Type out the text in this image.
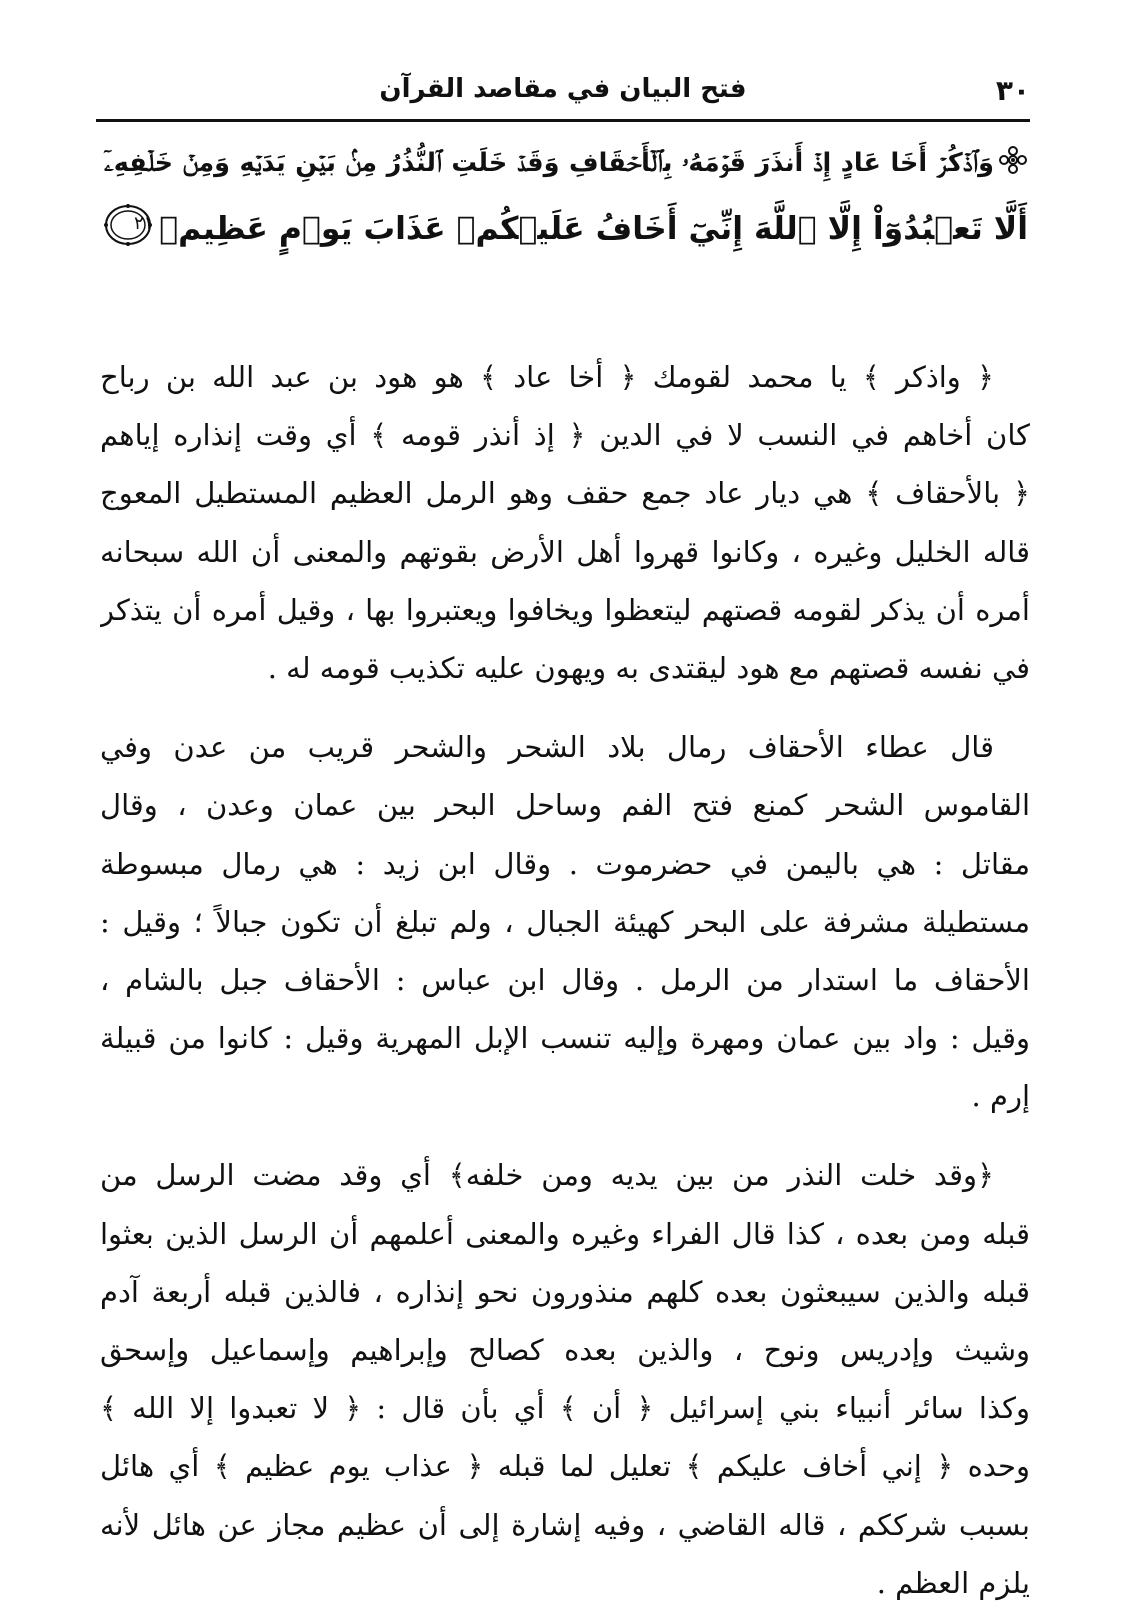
٣٠
فتح البيان في مقاصد القرآن
وَٱذۡكُرۡ أَخَا عَادٍ إِذۡ أَنذَرَ قَوۡمَهُۥ بِٱلۡأَحۡقَافِ وَقَدۡ خَلَتِ ٱلنُّذُرُ مِنۢ بَيۡنِ يَدَيۡهِ وَمِنۡ خَلۡفِهِۦٓ
أَلَّا تَعۡبُدُوٓاْ إِلَّا ٱللَّهَ إِنِّيٓ أَخَافُ عَلَيۡكُمۡ عَذَابَ يَوۡمٍ عَظِيمٖ
٢١
﴿ واذكر ﴾ يا محمد لقومك ﴿ أخا عاد ﴾ هو هود بن عبد الله بن رباح
كان أخاهم في النسب لا في الدين ﴿ إذ أنذر قومه ﴾ أي وقت إنذاره إياهم
﴿ بالأحقاف ﴾ هي ديار عاد جمع حقف وهو الرمل العظيم المستطيل المعوج
قاله الخليل وغيره ، وكانوا قهروا أهل الأرض بقوتهم والمعنى أن الله سبحانه
أمره أن يذكر لقومه قصتهم ليتعظوا ويخافوا ويعتبروا بها ، وقيل أمره أن يتذكر
في نفسه قصتهم مع هود ليقتدى به ويهون عليه تكذيب قومه له .
قال عطاء الأحقاف رمال بلاد الشحر والشحر قريب من عدن وفي
القاموس الشحر كمنع فتح الفم وساحل البحر بين عمان وعدن ، وقال
مقاتل : هي باليمن في حضرموت . وقال ابن زيد : هي رمال مبسوطة
مستطيلة مشرفة على البحر كهيئة الجبال ، ولم تبلغ أن تكون جبالاً ؛ وقيل :
الأحقاف ما استدار من الرمل . وقال ابن عباس : الأحقاف جبل بالشام ،
وقيل : واد بين عمان ومهرة وإليه تنسب الإبل المهرية وقيل : كانوا من قبيلة
إرم .
﴿وقد خلت النذر من بين يديه ومن خلفه﴾ أي وقد مضت الرسل من
قبله ومن بعده ، كذا قال الفراء وغيره والمعنى أعلمهم أن الرسل الذين بعثوا
قبله والذين سيبعثون بعده كلهم منذورون نحو إنذاره ، فالذين قبله أربعة آدم
وشيث وإدريس ونوح ، والذين بعده كصالح وإبراهيم وإسماعيل وإسحق
وكذا سائر أنبياء بني إسرائيل ﴿ أن ﴾ أي بأن قال : ﴿ لا تعبدوا إلا الله ﴾
وحده ﴿ إني أخاف عليكم ﴾ تعليل لما قبله ﴿ عذاب يوم عظيم ﴾ أي هائل
بسبب شرككم ، قاله القاضي ، وفيه إشارة إلى أن عظيم مجاز عن هائل لأنه
يلزم العظم .
